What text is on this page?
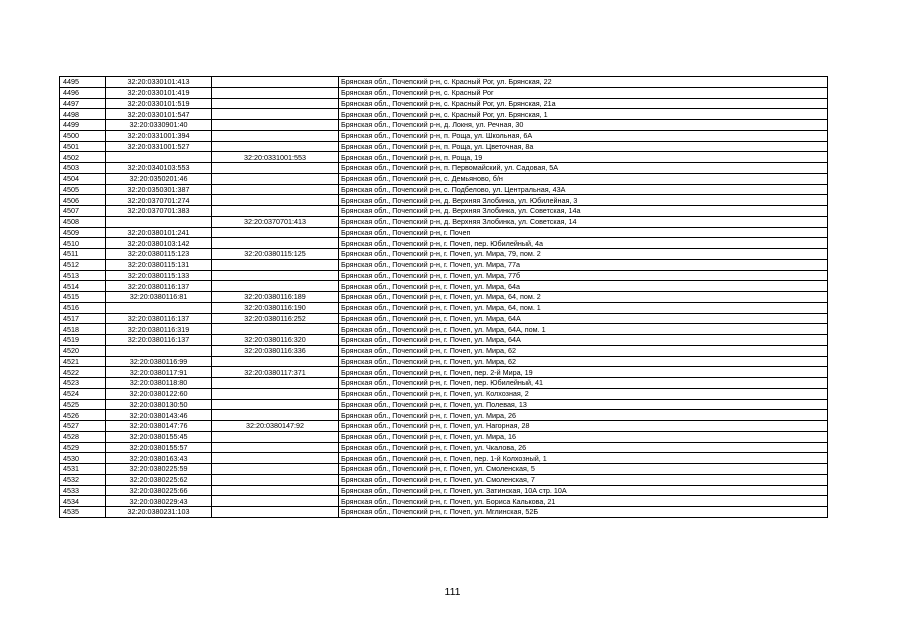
4495	32:20:0330101:413		Брянская обл., Почепский р-н, с. Красный Рог, ул. Брянская, 22
4496	32:20:0330101:419		Брянская обл., Почепский р-н, с. Красный Рог
4497	32:20:0330101:519		Брянская обл., Почепский р-н, с. Красный Рог, ул. Брянская, 21а
4498	32:20:0330101:547		Брянская обл., Почепский р-н, с. Красный Рог, ул. Брянская, 1
4499	32:20:0330901:40		Брянская обл., Почепский р-н, д. Локня, ул. Речная, 30
4500	32:20:0331001:394		Брянская обл., Почепский р-н, п. Роща, ул. Школьная, 6А
4501	32:20:0331001:527		Брянская обл., Почепский р-н, п. Роща, ул. Цветочная, 8а
4502		32:20:0331001:553	Брянская обл., Почепский р-н, п. Роща, 19
4503	32:20:0340103:553		Брянская обл., Почепский р-н, п. Первомайский, ул. Садовая, 5А
4504	32:20:0350201:46		Брянская обл., Почепский р-н, с. Демьяново, б/н
4505	32:20:0350301:387		Брянская обл., Почепский р-н, с. Подбелово, ул. Центральная, 43А
4506	32:20:0370701:274		Брянская обл., Почепский р-н, д. Верхняя Злобинка, ул. Юбилейная, 3
4507	32:20:0370701:383		Брянская обл., Почепский р-н, д. Верхняя Злобинка, ул. Советская, 14а
4508		32:20:0370701:413	Брянская обл., Почепский р-н, д. Верхняя Злобинка, ул. Советская, 14
4509	32:20:0380101:241		Брянская обл., Почепский р-н, г. Почеп
4510	32:20:0380103:142		Брянская обл., Почепский р-н, г. Почеп, пер. Юбилейный, 4а
4511	32:20:0380115:123	32:20:0380115:125	Брянская обл., Почепский р-н, г. Почеп, ул. Мира, 79, пом. 2
4512	32:20:0380115:131		Брянская обл., Почепский р-н, г. Почеп, ул. Мира, 77а
4513	32:20:0380115:133		Брянская обл., Почепский р-н, г. Почеп, ул. Мира, 77б
4514	32:20:0380116:137		Брянская обл., Почепский р-н, г. Почеп, ул. Мира, 64а
4515	32:20:0380116:81	32:20:0380116:189	Брянская обл., Почепский р-н, г. Почеп, ул. Мира, 64, пом. 2
4516		32:20:0380116:190	Брянская обл., Почепский р-н, г. Почеп, ул. Мира, 64, пом. 1
4517	32:20:0380116:137	32:20:0380116:252	Брянская обл., Почепский р-н, г. Почеп, ул. Мира, 64А
4518	32:20:0380116:319		Брянская обл., Почепский р-н, г. Почеп, ул. Мира, 64А, пом. 1
4519	32:20:0380116:137	32:20:0380116:320	Брянская обл., Почепский р-н, г. Почеп, ул. Мира, 64А
4520		32:20:0380116:336	Брянская обл., Почепский р-н, г. Почеп, ул. Мира, 62
4521	32:20:0380116:99		Брянская обл., Почепский р-н, г. Почеп, ул. Мира, 62
4522	32:20:0380117:91	32:20:0380117:371	Брянская обл., Почепский р-н, г. Почеп, пер. 2-й Мира, 19
4523	32:20:0380118:80		Брянская обл., Почепский р-н, г. Почеп, пер. Юбилейный, 41
4524	32:20:0380122:60		Брянская обл., Почепский р-н, г. Почеп, ул. Колхозная, 2
4525	32:20:0380130:50		Брянская обл., Почепский р-н, г. Почеп, ул. Полевая, 13
4526	32:20:0380143:46		Брянская обл., Почепский р-н, г. Почеп, ул. Мира, 26
4527	32:20:0380147:76	32:20:0380147:92	Брянская обл., Почепский р-н, г. Почеп, ул. Нагорная, 28
4528	32:20:0380155:45		Брянская обл., Почепский р-н, г. Почеп, ул. Мира, 16
4529	32:20:0380155:57		Брянская обл., Почепский р-н, г. Почеп, ул. Чкалова, 26
4530	32:20:0380163:43		Брянская обл., Почепский р-н, г. Почеп, пер. 1-й Колхозный, 1
4531	32:20:0380225:59		Брянская обл., Почепский р-н, г. Почеп, ул. Смоленская, 5
4532	32:20:0380225:62		Брянская обл., Почепский р-н, г. Почеп, ул. Смоленская, 7
4533	32:20:0380225:66		Брянская обл., Почепский р-н, г. Почеп, ул. Затинская, 10А стр. 10А
4534	32:20:0380229:43		Брянская обл., Почепский р-н, г. Почеп, ул. Бориса Калькова, 21
4535	32:20:0380231:103		Брянская обл., Почепский р-н, г. Почеп, ул. Мглинская, 52Б
111
